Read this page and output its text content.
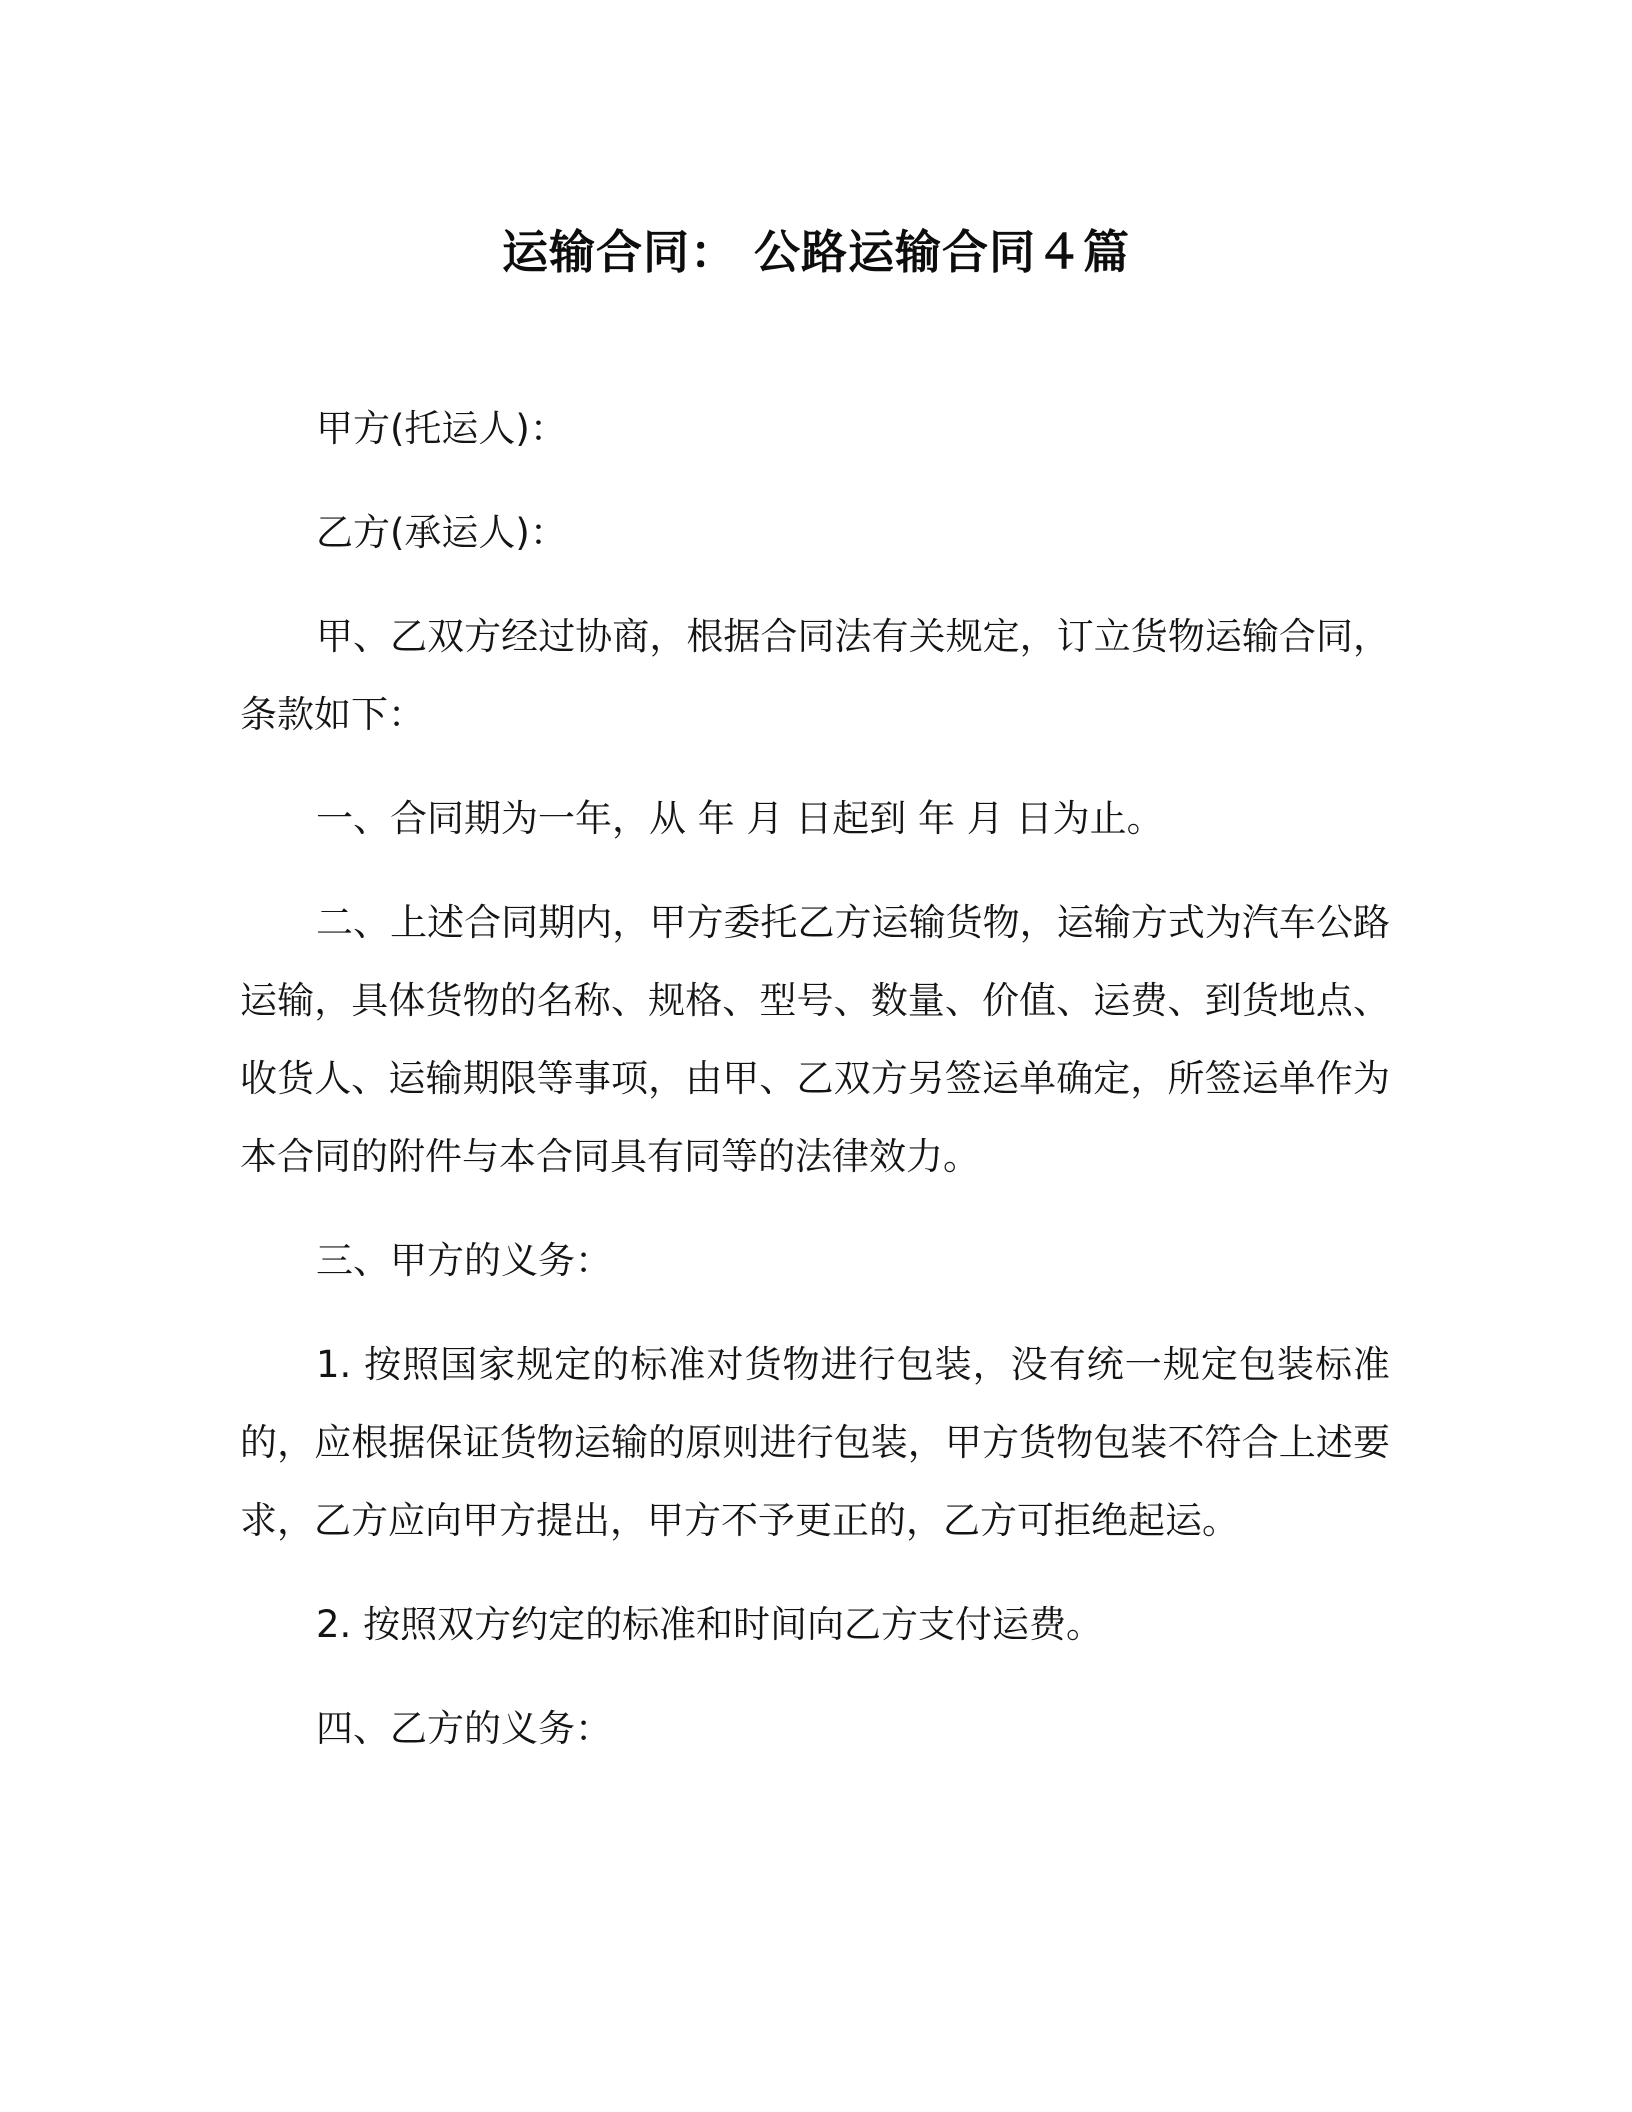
运输合同： 公路运输合同４篇

甲方(托运人)：

乙方(承运人)：

甲、乙双方经过协商，根据合同法有关规定，订立货物运输合同，条款如下：

一、合同期为一年，从 年 月 日起到 年 月 日为止。

二、上述合同期内，甲方委托乙方运输货物，运输方式为汽车公路运输，具体货物的名称、规格、型号、数量、价值、运费、到货地点、收货人、运输期限等事项，由甲、乙双方另签运单确定，所签运单作为本合同的附件与本合同具有同等的法律效力。

三、甲方的义务：

1. 按照国家规定的标准对货物进行包装，没有统一规定包装标准的，应根据保证货物运输的原则进行包装，甲方货物包装不符合上述要求，乙方应向甲方提出，甲方不予更正的，乙方可拒绝起运。

2. 按照双方约定的标准和时间向乙方支付运费。

四、乙方的义务：
